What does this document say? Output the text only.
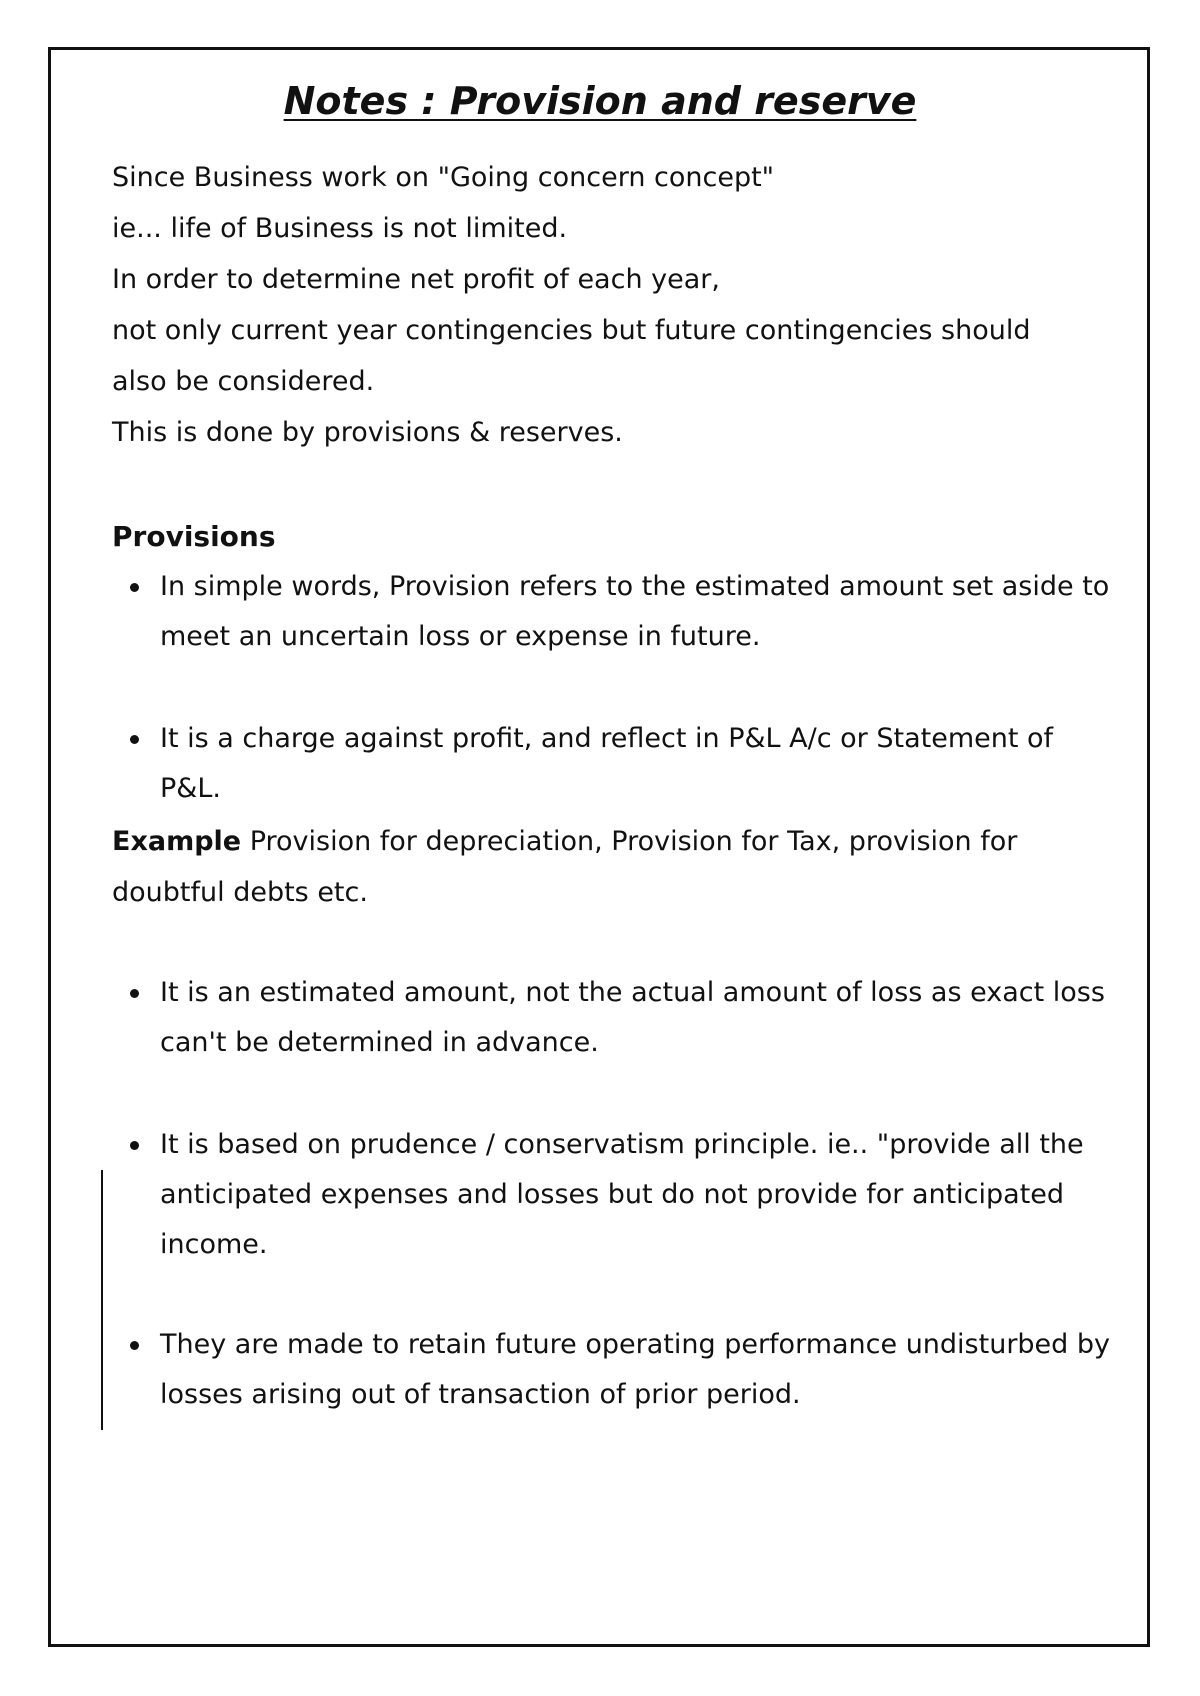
Notes : Provision and reserve
Since Business work on "Going concern concept"
ie... life of Business is not limited.
In order to determine net profit of each year,
not only current year contingencies but future contingencies should
also be considered.
This is done by provisions & reserves.
Provisions

In simple words, Provision refers to the estimated amount set aside to meet an uncertain loss or expense in future.

It is a charge against profit, and reflect in P&L A/c or Statement of P&L.

Example Provision for depreciation, Provision for Tax, provision for doubtful debts etc.

It is an estimated amount, not the actual amount of loss as exact loss can't be determined in advance.

It is based on prudence / conservatism principle. ie.. "provide all the anticipated expenses and losses but do not provide for anticipated income.

They are made to retain future operating performance undisturbed by losses arising out of transaction of prior period.
